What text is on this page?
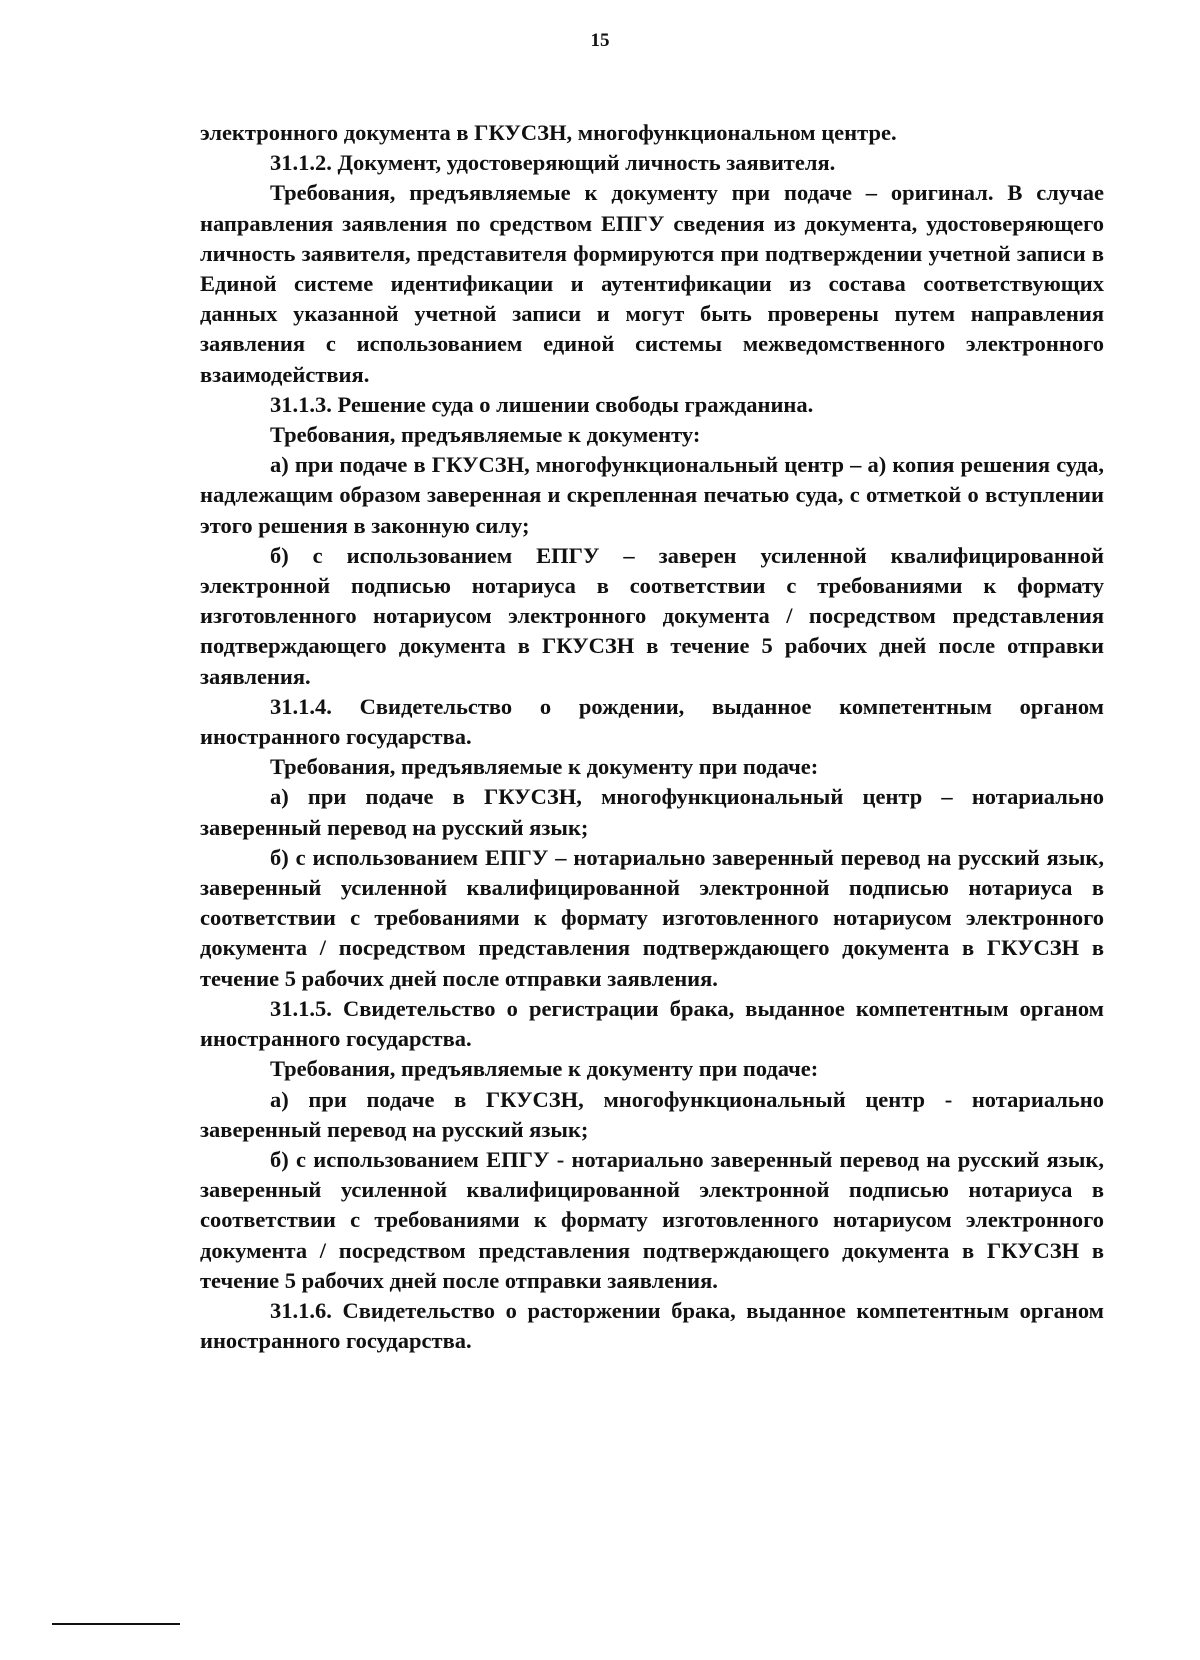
15

электронного документа в ГКУСЗН, многофункциональном центре.

31.1.2. Документ, удостоверяющий личность заявителя.

Требования, предъявляемые к документу при подаче – оригинал. В случае направления заявления по средством ЕПГУ сведения из документа, удостоверяющего личность заявителя, представителя формируются при подтверждении учетной записи в Единой системе идентификации и аутентификации из состава соответствующих данных указанной учетной записи и могут быть проверены путем направления заявления с использованием единой системы межведомственного электронного взаимодействия.

31.1.3. Решение суда о лишении свободы гражданина.

Требования, предъявляемые к документу:

а) при подаче в ГКУСЗН, многофункциональный центр – а) копия решения суда, надлежащим образом заверенная и скрепленная печатью суда, с отметкой о вступлении этого решения в законную силу;

б) с использованием ЕПГУ – заверен усиленной квалифицированной электронной подписью нотариуса в соответствии с требованиями к формату изготовленного нотариусом электронного документа / посредством представления подтверждающего документа в ГКУСЗН в течение 5 рабочих дней после отправки заявления.

31.1.4. Свидетельство о рождении, выданное компетентным органом иностранного государства.

Требования, предъявляемые к документу при подаче:

а) при подаче в ГКУСЗН, многофункциональный центр – нотариально заверенный перевод на русский язык;

б) с использованием ЕПГУ – нотариально заверенный перевод на русский язык, заверенный усиленной квалифицированной электронной подписью нотариуса в соответствии с требованиями к формату изготовленного нотариусом электронного документа / посредством представления подтверждающего документа в ГКУСЗН в течение 5 рабочих дней после отправки заявления.

31.1.5. Свидетельство о регистрации брака, выданное компетентным органом иностранного государства.

Требования, предъявляемые к документу при подаче:

а) при подаче в ГКУСЗН, многофункциональный центр - нотариально заверенный перевод на русский язык;

б) с использованием ЕПГУ - нотариально заверенный перевод на русский язык, заверенный усиленной квалифицированной электронной подписью нотариуса в соответствии с требованиями к формату изготовленного нотариусом электронного документа / посредством представления подтверждающего документа в ГКУСЗН в течение 5 рабочих дней после отправки заявления.

31.1.6. Свидетельство о расторжении брака, выданное компетентным органом иностранного государства.
